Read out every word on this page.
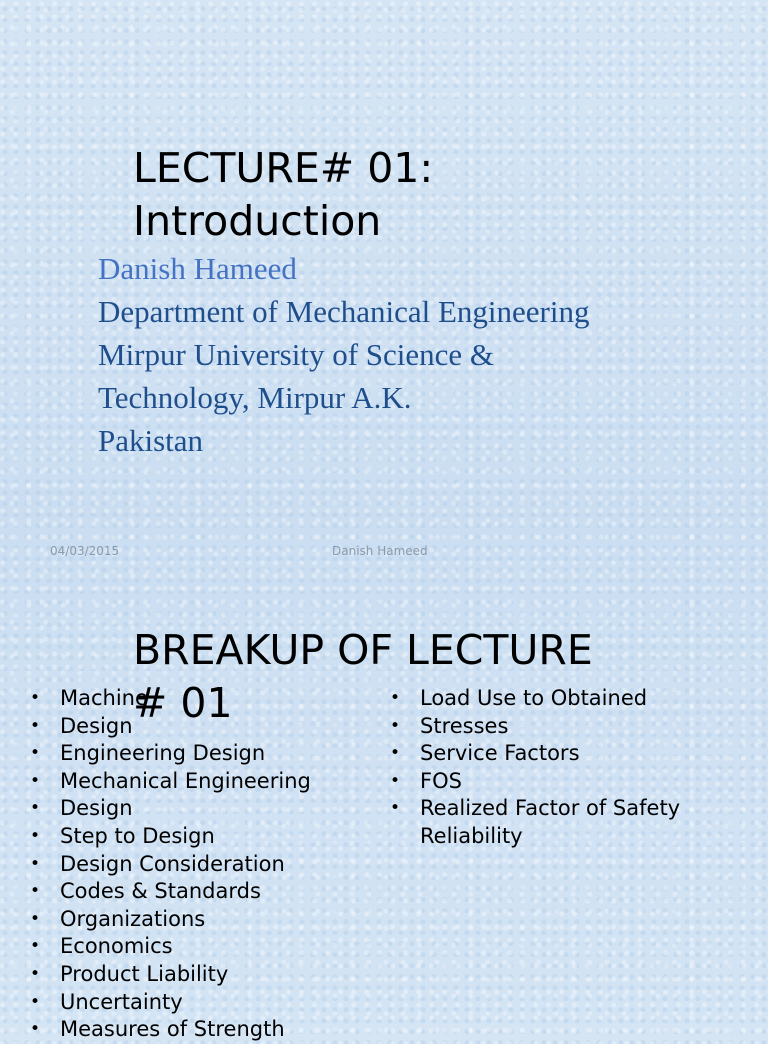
LECTURE# 01:
Introduction
Danish Hameed
Department of Mechanical Engineering
Mirpur University of Science &
Technology, Mirpur A.K.
Pakistan
04/03/2015	Danish Hameed
• Machine
• Design
• Engineering Design
• Mechanical Engineering
• Design
• Step to Design
• Design Consideration
• Codes & Standards
• Organizations
• Economics
• Product Liability
• Uncertainty
• Measures of Strength
• Load Use to Obtained
• Stresses
• Service Factors
• FOS
• Realized Factor of Safety
Reliability
BREAKUP OF LECTURE
# 01
